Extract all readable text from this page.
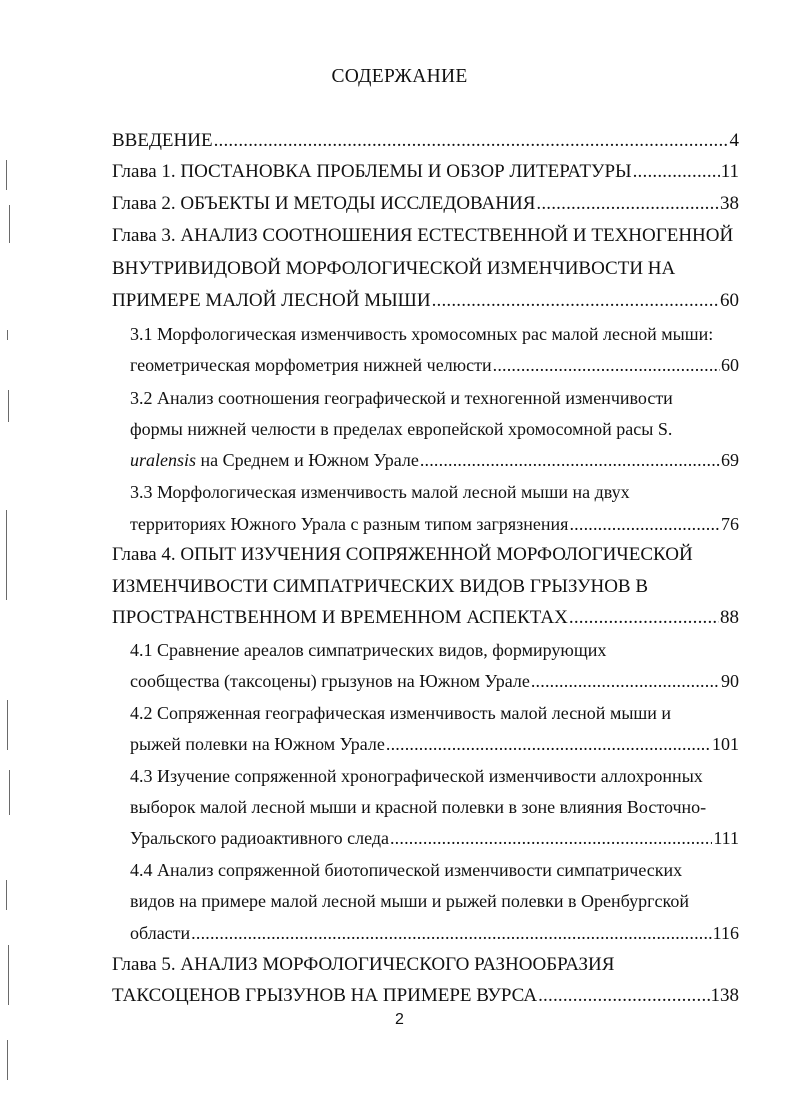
СОДЕРЖАНИЕ
ВВЕДЕНИЕ .....	4
Глава 1. ПОСТАНОВКА ПРОБЛЕМЫ И ОБЗОР ЛИТЕРАТУРЫ .....	11
Глава 2. ОБЪЕКТЫ И МЕТОДЫ ИССЛЕДОВАНИЯ .....	38
Глава 3. АНАЛИЗ СООТНОШЕНИЯ ЕСТЕСТВЕННОЙ И ТЕХНОГЕННОЙ
ВНУТРИВИДОВОЙ МОРФОЛОГИЧЕСКОЙ ИЗМЕНЧИВОСТИ НА
ПРИМЕРЕ МАЛОЙ ЛЕСНОЙ МЫШИ .....	60
3.1 Морфологическая изменчивость хромосомных рас малой лесной мыши:
геометрическая морфометрия нижней челюсти .....	60
3.2 Анализ соотношения географической и техногенной изменчивости
формы нижней челюсти в пределах европейской хромосомной расы S.
uralensis на Среднем и Южном Урале .....	69
3.3 Морфологическая изменчивость малой лесной мыши на двух
территориях Южного Урала с разным типом загрязнения .....	76
Глава 4. ОПЫТ ИЗУЧЕНИЯ СОПРЯЖЕННОЙ МОРФОЛОГИЧЕСКОЙ
ИЗМЕНЧИВОСТИ СИМПАТРИЧЕСКИХ ВИДОВ ГРЫЗУНОВ В
ПРОСТРАНСТВЕННОМ И ВРЕМЕННОМ АСПЕКТАХ .....	88
4.1 Сравнение ареалов симпатрических видов, формирующих
сообщества (таксоцены) грызунов на Южном Урале .....	90
4.2 Сопряженная географическая изменчивость малой лесной мыши и
рыжей полевки на Южном Урале .....	101
4.3 Изучение сопряженной хронографической изменчивости аллохронных
выборок малой лесной мыши и красной полевки в зоне влияния Восточно-
Уральского радиоактивного следа .....	111
4.4 Анализ сопряженной биотопической изменчивости симпатрических
видов на примере малой лесной мыши и рыжей полевки в Оренбургской
области .....	116
Глава 5. АНАЛИЗ МОРФОЛОГИЧЕСКОГО РАЗНООБРАЗИЯ
ТАКСОЦЕНОВ ГРЫЗУНОВ НА ПРИМЕРЕ ВУРСА .....	138
2
